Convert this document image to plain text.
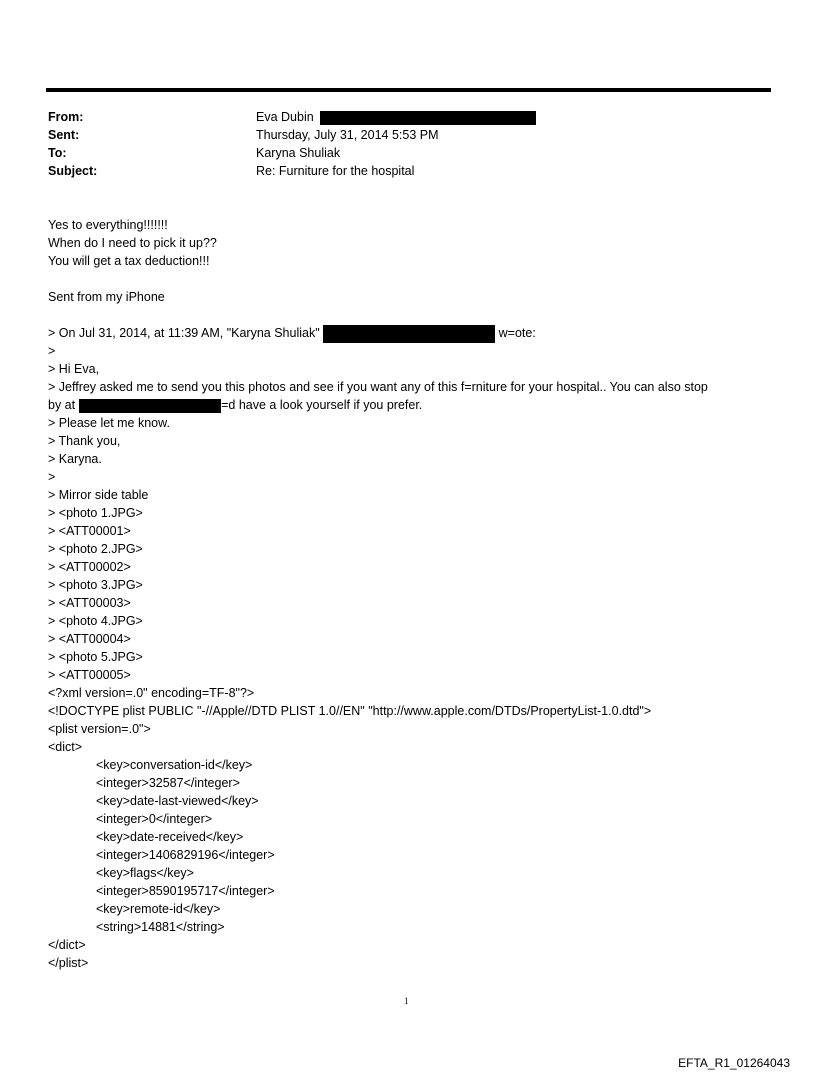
From:	Eva Dubin
Sent:	Thursday, July 31, 2014 5:53 PM
To:	Karyna Shuliak
Subject:	Re: Furniture for the hospital
Yes to everything!!!!!!!
When do I need to pick it up??
You will get a tax deduction!!!
Sent from my iPhone
> On Jul 31, 2014, at 11:39 AM, "Karyna Shuliak"	w=ote:
>
> Hi Eva,
> Jeffrey asked me to send you this photos and see if you want any of this f=rniture for your hospital.. You can also stop
by at	=d have a look yourself if you prefer.
> Please let me know.
> Thank you,
> Karyna.
>
> Mirror side table
> <photo 1.JPG>
> <ATT00001>
> <photo 2.JPG>
> <ATT00002>
> <photo 3.JPG>
> <ATT00003>
> <photo 4.JPG>
> <ATT00004>
> <photo 5.JPG>
> <ATT00005>
<?xml version=.0" encoding=TF-8"?>
<!DOCTYPE plist PUBLIC "-//Apple//DTD PLIST 1.0//EN" "http://www.apple.com/DTDs/PropertyList-1.0.dtd">
<plist version=.0">
<dict>
<key>conversation-id</key>
<integer>32587</integer>
<key>date-last-viewed</key>
<integer>0</integer>
<key>date-received</key>
<integer>1406829196</integer>
<key>flags</key>
<integer>8590195717</integer>
<key>remote-id</key>
<string>14881</string>
</dict>
</plist>
1
EFTA_R1_01264043
